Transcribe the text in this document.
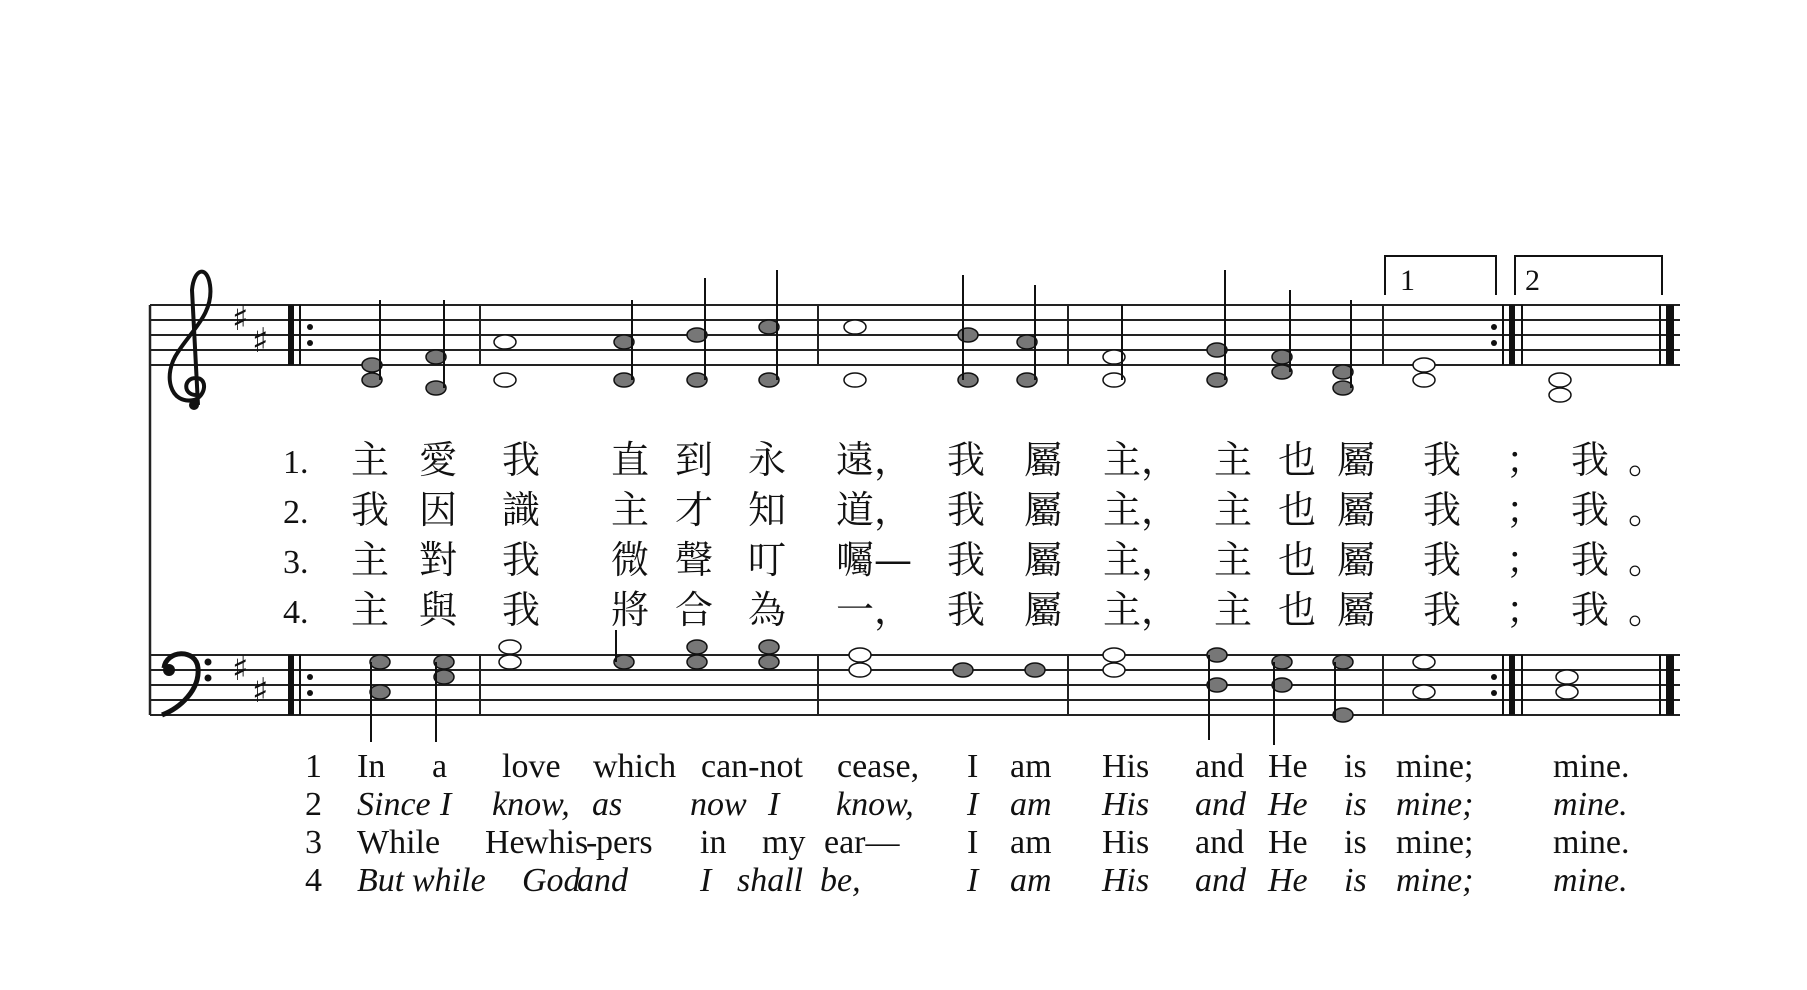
♯
♯
♯
♯
1	2
1. 主 愛 我 直 到 永 遠， 我 屬 主， 主 也 屬 我 ； 我 。
2. 我 因 識 主 才 知 道， 我 屬 主， 主 也 屬 我 ； 我 。
3. 主 對 我 微 聲 叮 囑— 我 屬 主， 主 也 屬 我 ； 我 。
4. 主 與 我 將 合 為 一， 我 屬 主， 主 也 屬 我 ； 我 。
1 In a love which can-not cease, I am His and He is mine; mine.
2 Since I know, as now I know, I am His and He is mine; mine.
3 While He whis
-
pers in my ear— I am His and He is mine; mine.
4 But while God
and I shall be,	I am His and He is mine; mine.
